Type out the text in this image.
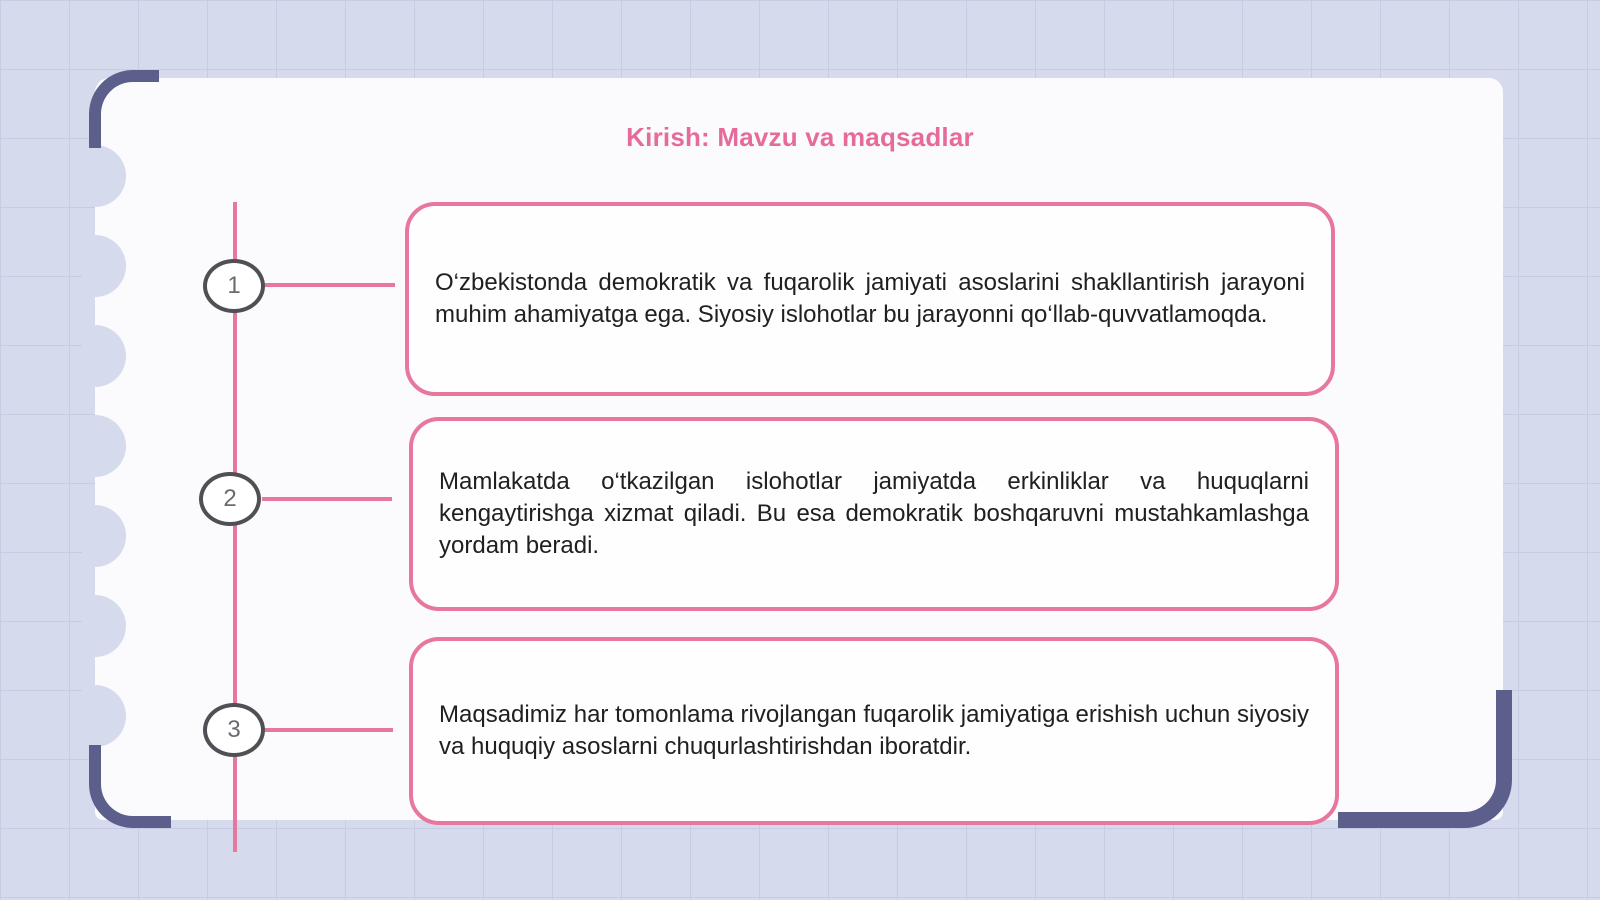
Kirish: Mavzu va maqsadlar
1
2
3

O‘zbekistonda demokratik va fuqarolik jamiyati asoslarini shakllantirish jarayoni muhim ahamiyatga ega. Siyosiy islohotlar bu jarayonni qo‘llab-quvvatlamoqda.

Mamlakatda o‘tkazilgan islohotlar jamiyatda erkinliklar va huquqlarni kengaytirishga xizmat qiladi. Bu esa demokratik boshqaruvni mustahkamlashga yordam beradi.

Maqsadimiz har tomonlama rivojlangan fuqarolik jamiyatiga erishish uchun siyosiy va huquqiy asoslarni chuqurlashtirishdan iboratdir.
